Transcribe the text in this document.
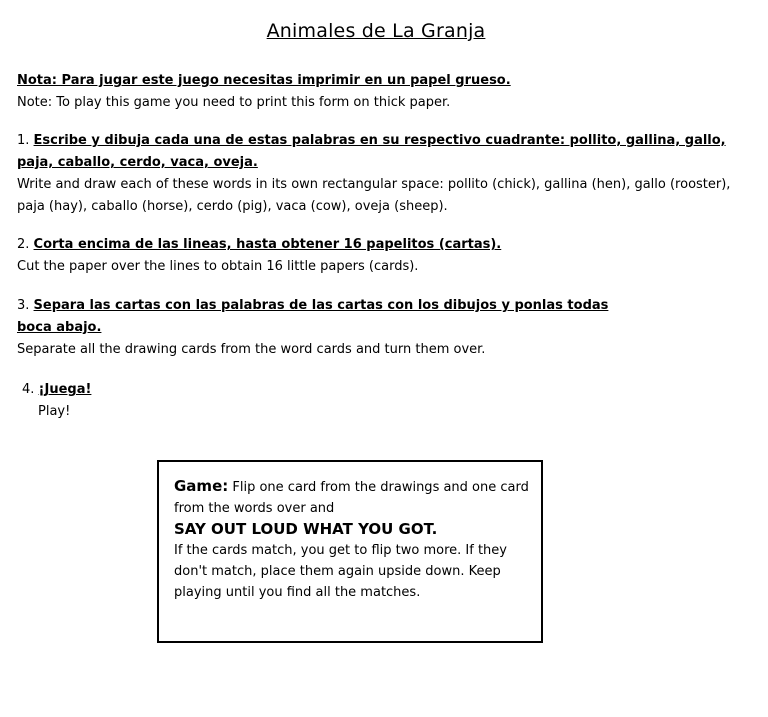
Animales de La Granja
Nota: Para jugar este juego necesitas imprimir en un papel grueso.
Note: To play this game you need to print this form on thick paper.
1. Escribe y dibuja cada una de estas palabras en su respectivo cuadrante: pollito, gallina, gallo, paja, caballo, cerdo, vaca, oveja.
Write and draw each of these words in its own rectangular space: pollito (chick), gallina (hen), gallo (rooster),
paja (hay), caballo (horse), cerdo (pig), vaca (cow), oveja (sheep).
2. Corta encima de las lineas, hasta obtener 16 papelitos (cartas).
Cut the paper over the lines to obtain 16 little papers (cards).
3. Separa las cartas con las palabras de las cartas con los dibujos y ponlas todas
boca abajo.
Separate all the drawing cards from the word cards and turn them over.
4. ¡Juega!
Play!
Game: Flip one card from the drawings and one card from the words over and
SAY OUT LOUD WHAT YOU GOT.
If the cards match, you get to flip two more. If they don't match, place them again upside down. Keep playing until you find all the matches.
